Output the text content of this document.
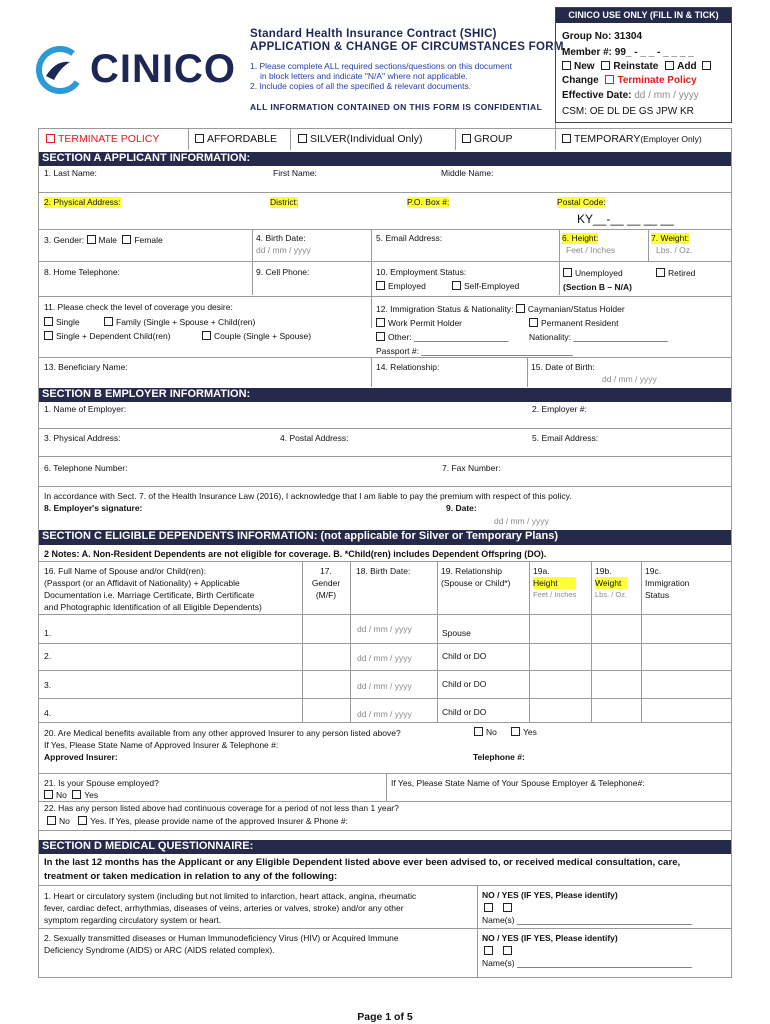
CINICO
Standard Health Insurance Contract (SHIC)
APPLICATION & CHANGE OF CIRCUMSTANCES FORM
1. Please complete ALL required sections/questions on this document
in block letters and indicate "N/A" where not applicable.
2. Include copies of all the specified & relevant documents.
ALL INFORMATION CONTAINED ON THIS FORM IS CONFIDENTIAL
CINICO USE ONLY (FILL IN & TICK)
Group No: 31304
Member #: 99_ - _ _ - _ _ _ _
New Reinstate Add
Change Terminate Policy
Effective Date: dd / mm / yyyy
CSM: OE DL DE GS JPW KR
TERMINATE POLICY	AFFORDABLE	SILVER(Individual Only)	GROUP	TEMPORARY(Employer Only)
SECTION A APPLICANT INFORMATION:
1. Last Name:	First Name:	Middle Name:
2. Physical Address:	District:	P.O. Box #:	Postal Code:
KY__-__ __ __ __
3. Gender: Male Female	4. Birth Date:
dd / mm / yyyy
5. Email Address:	6. Height:
Feet / Inches
7. Weight:
Lbs. / Oz.
8. Home Telephone:	9. Cell Phone:	10. Employment Status:
Employed	Self-Employed
Unemployed	Retired
(Section B – N/A)
11. Please check the level of coverage you desire:
Single	Family (Single + Spouse + Child(ren)
Single + Dependent Child(ren)	Couple (Single + Spouse)
12. Immigration Status & Nationality: Caymanian/Status Holder
Work Permit Holder	Permanent Resident
Other: ____________________ Nationality: ____________________
Passport #: ________________________________
13. Beneficiary Name:	14. Relationship:	15. Date of Birth:
dd / mm / yyyy
SECTION B EMPLOYER INFORMATION:
1. Name of Employer:	2. Employer #:
3. Physical Address:	4. Postal Address:	5. Email Address:
6. Telephone Number:	7. Fax Number:
In accordance with Sect. 7. of the Health Insurance Law (2016), I acknowledge that I am liable to pay the premium with respect of this policy.
8. Employer's signature:	9. Date:
dd / mm / yyyy
SECTION C ELIGIBLE DEPENDENTS INFORMATION: (not applicable for Silver or Temporary Plans)
2 Notes: A. Non-Resident Dependents are not eligible for coverage. B. *Child(ren) includes Dependent Offspring (DO).
16. Full Name of Spouse and/or Child(ren):
(Passport (or an Affidavit of Nationality) + Applicable
Documentation i.e. Marriage Certificate, Birth Certificate
and Photographic Identification of all Eligible Dependents)
17.
Gender
(M/F)
18. Birth Date:	19. Relationship
(Spouse or Child*)
19a.
Height
Feet / Inches
19b.
Weight
Lbs. / Oz.
19c.
Immigration
Status
1.	dd / mm / yyyy	Spouse
2.	dd / mm / yyyy	Child or DO
3.	dd / mm / yyyy	Child or DO
4.	dd / mm / yyyy	Child or DO
20. Are Medical benefits available from any other approved Insurer to any person listed above?	No	Yes
If Yes, Please State Name of Approved Insurer & Telephone #:
Approved Insurer:	Telephone #:
21. Is your Spouse employed?
No Yes
If Yes, Please State Name of Your Spouse Employer & Telephone#:
22. Has any person listed above had continuous coverage for a period of not less than 1 year?
No Yes. If Yes, please provide name of the approved Insurer & Phone #:
SECTION D MEDICAL QUESTIONNAIRE:
In the last 12 months has the Applicant or any Eligible Dependent listed above ever been advised to, or received medical consultation, care,
treatment or taken medication in relation to any of the following:
1. Heart or circulatory system (including but not limited to infarction, heart attack, angina, rheumatic
fever, cardiac defect, arrhythmias, diseases of veins, arteries or valves, stroke) and/or any other
symptom regarding circulatory system or heart.
NO / YES (IF YES, Please identify)

Name(s) _____________________________________
2. Sexually transmitted diseases or Human Immunodeficiency Virus (HIV) or Acquired Immune
Deficiency Syndrome (AIDS) or ARC (AIDS related complex).
NO / YES (IF YES, Please identify)

Name(s) _____________________________________
Page 1 of 5
